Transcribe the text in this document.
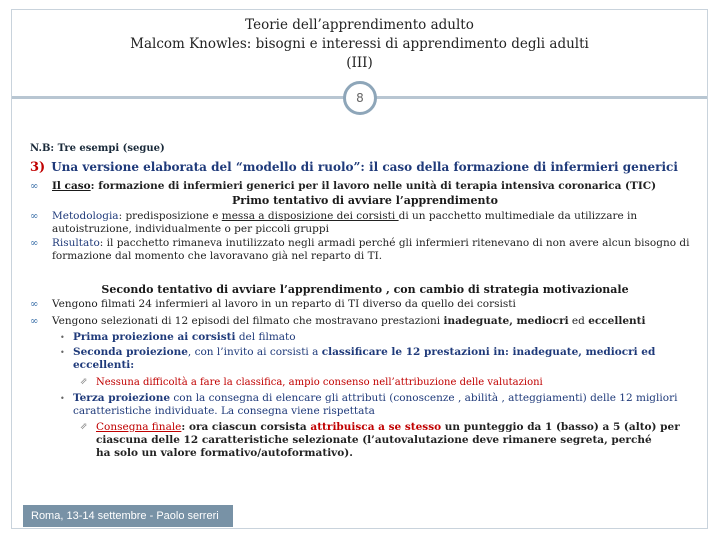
Teorie dell’apprendimento adulto
Malcom Knowles: bisogni e interessi di apprendimento degli adulti
(III)
8
N.B: Tre esempi (segue)
3) Una versione elaborata del “modello di ruolo”: il caso della formazione di infermieri generici
∞ Il caso: formazione di infermieri generici per il lavoro nelle unità di terapia intensiva coronarica (TIC)
Primo tentativo di avviare l’apprendimento
∞ Metodologia: predisposizione e messa a disposizione dei corsisti di un pacchetto multimediale da utilizzare in
autoistruzione, individualmente o per piccoli gruppi
∞ Risultato: il pacchetto rimaneva inutilizzato negli armadi perché gli infermieri ritenevano di non avere alcun bisogno di
formazione dal momento che lavoravano già nel reparto di TI.
Secondo tentativo di avviare l’apprendimento , con cambio di strategia motivazionale
∞ Vengono filmati 24 infermieri al lavoro in un reparto di TI diverso da quello dei corsisti
∞ Vengono selezionati di 12 episodi del filmato che mostravano prestazioni inadeguate, mediocri ed eccellenti
• Prima proiezione ai corsisti del filmato
• Seconda proiezione, con l’invito ai corsisti a classificare le 12 prestazioni in: inadeguate, mediocri ed
eccellenti:
⇗ Nessuna difficoltà a fare la classifica, ampio consenso nell’attribuzione delle valutazioni
• Terza proiezione con la consegna di elencare gli attributi (conoscenze , abilità , atteggiamenti) delle 12 migliori
caratteristiche individuate. La consegna viene rispettata
⇗ Consegna finale: ora ciascun corsista attribuisca a se stesso un punteggio da 1 (basso) a 5 (alto) per
ciascuna delle 12 caratteristiche selezionate (l’autovalutazione deve rimanere segreta, perché
ha solo un valore formativo/autoformativo).
Roma, 13-14 settembre - Paolo serreri
